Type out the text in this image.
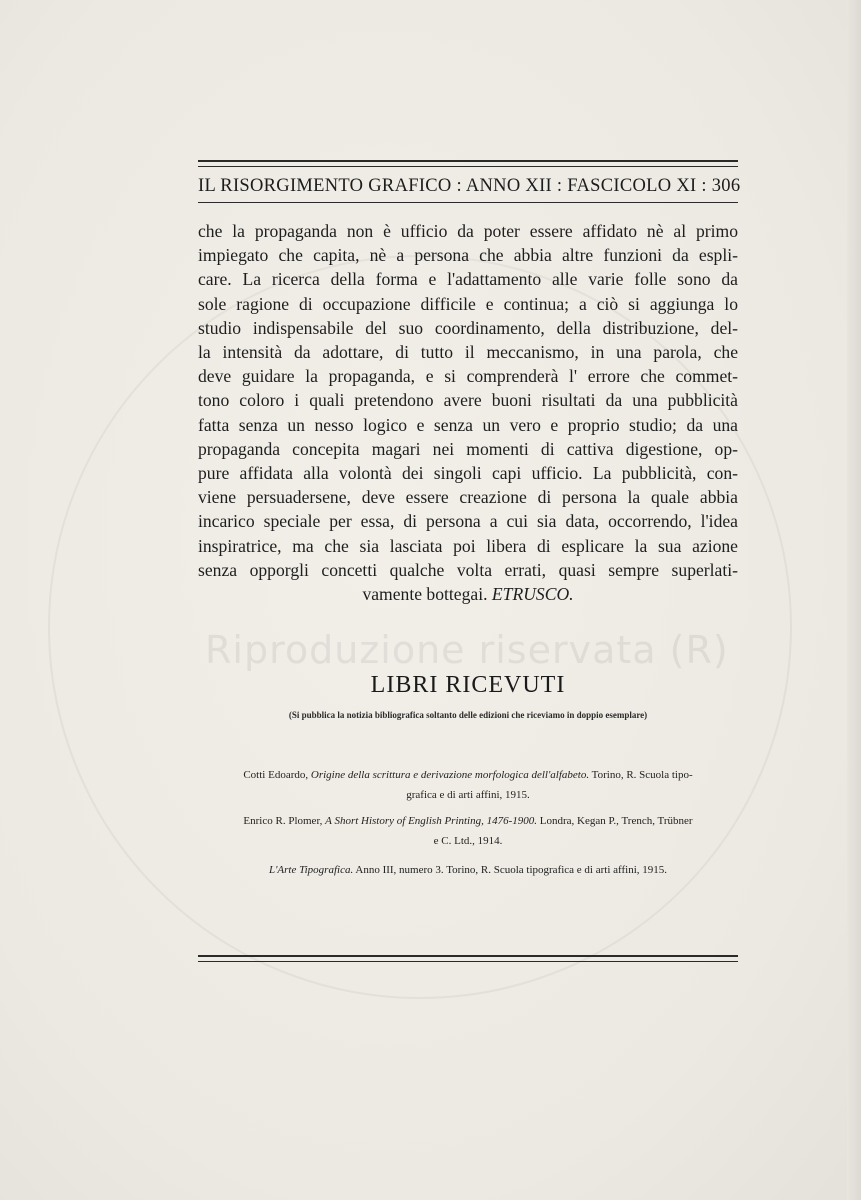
Riproduzione riservata (R)
IL RISORGIMENTO GRAFICO : ANNO XII : FASCICOLO XI : 306
che la propaganda non è ufficio da poter essere affidato nè al primo
impiegato che capita, nè a persona che abbia altre funzioni da espli-
care. La ricerca della forma e l'adattamento alle varie folle sono da
sole ragione di occupazione difficile e continua; a ciò si aggiunga lo
studio indispensabile del suo coordinamento, della distribuzione, del-
la intensità da adottare, di tutto il meccanismo, in una parola, che
deve guidare la propaganda, e si comprenderà l' errore che commet-
tono coloro i quali pretendono avere buoni risultati da una pubblicità
fatta senza un nesso logico e senza un vero e proprio studio; da una
propaganda concepita magari nei momenti di cattiva digestione, op-
pure affidata alla volontà dei singoli capi ufficio. La pubblicità, con-
viene persuadersene, deve essere creazione di persona la quale abbia
incarico speciale per essa, di persona a cui sia data, occorrendo, l'idea
inspiratrice, ma che sia lasciata poi libera di esplicare la sua azione
senza opporgli concetti qualche volta errati, quasi sempre superlati-
vamente bottegai. ETRUSCO.
LIBRI RICEVUTI
(Si pubblica la notizia bibliografica soltanto delle edizioni che riceviamo in doppio esemplare)
Cotti Edoardo, Origine della scrittura e derivazione morfologica dell'alfabeto. Torino, R. Scuola tipo-
grafica e di arti affini, 1915.
Enrico R. Plomer, A Short History of English Printing, 1476-1900. Londra, Kegan P., Trench, Trübner
e C. Ltd., 1914.
L'Arte Tipografica. Anno III, numero 3. Torino, R. Scuola tipografica e di arti affini, 1915.
